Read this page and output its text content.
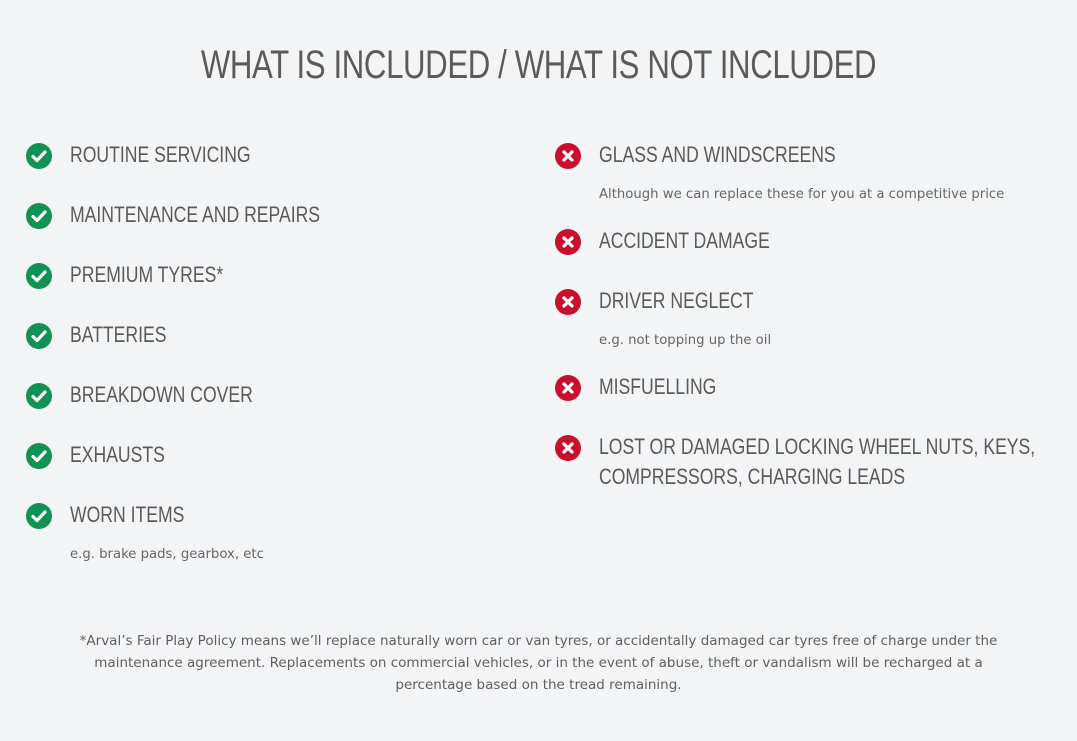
WHAT IS INCLUDED / WHAT IS NOT INCLUDED
ROUTINE SERVICING
MAINTENANCE AND REPAIRS
PREMIUM TYRES*
BATTERIES
BREAKDOWN COVER
EXHAUSTS
WORN ITEMS
e.g. brake pads, gearbox, etc
GLASS AND WINDSCREENS
Although we can replace these for you at a competitive price
ACCIDENT DAMAGE
DRIVER NEGLECT
e.g. not topping up the oil
MISFUELLING
LOST OR DAMAGED LOCKING WHEEL NUTS, KEYS, COMPRESSORS, CHARGING LEADS

*Arval’s Fair Play Policy means we’ll replace naturally worn car or van tyres, or accidentally damaged car tyres free of charge under the maintenance agreement. Replacements on commercial vehicles, or in the event of abuse, theft or vandalism will be recharged at a percentage based on the tread remaining.
